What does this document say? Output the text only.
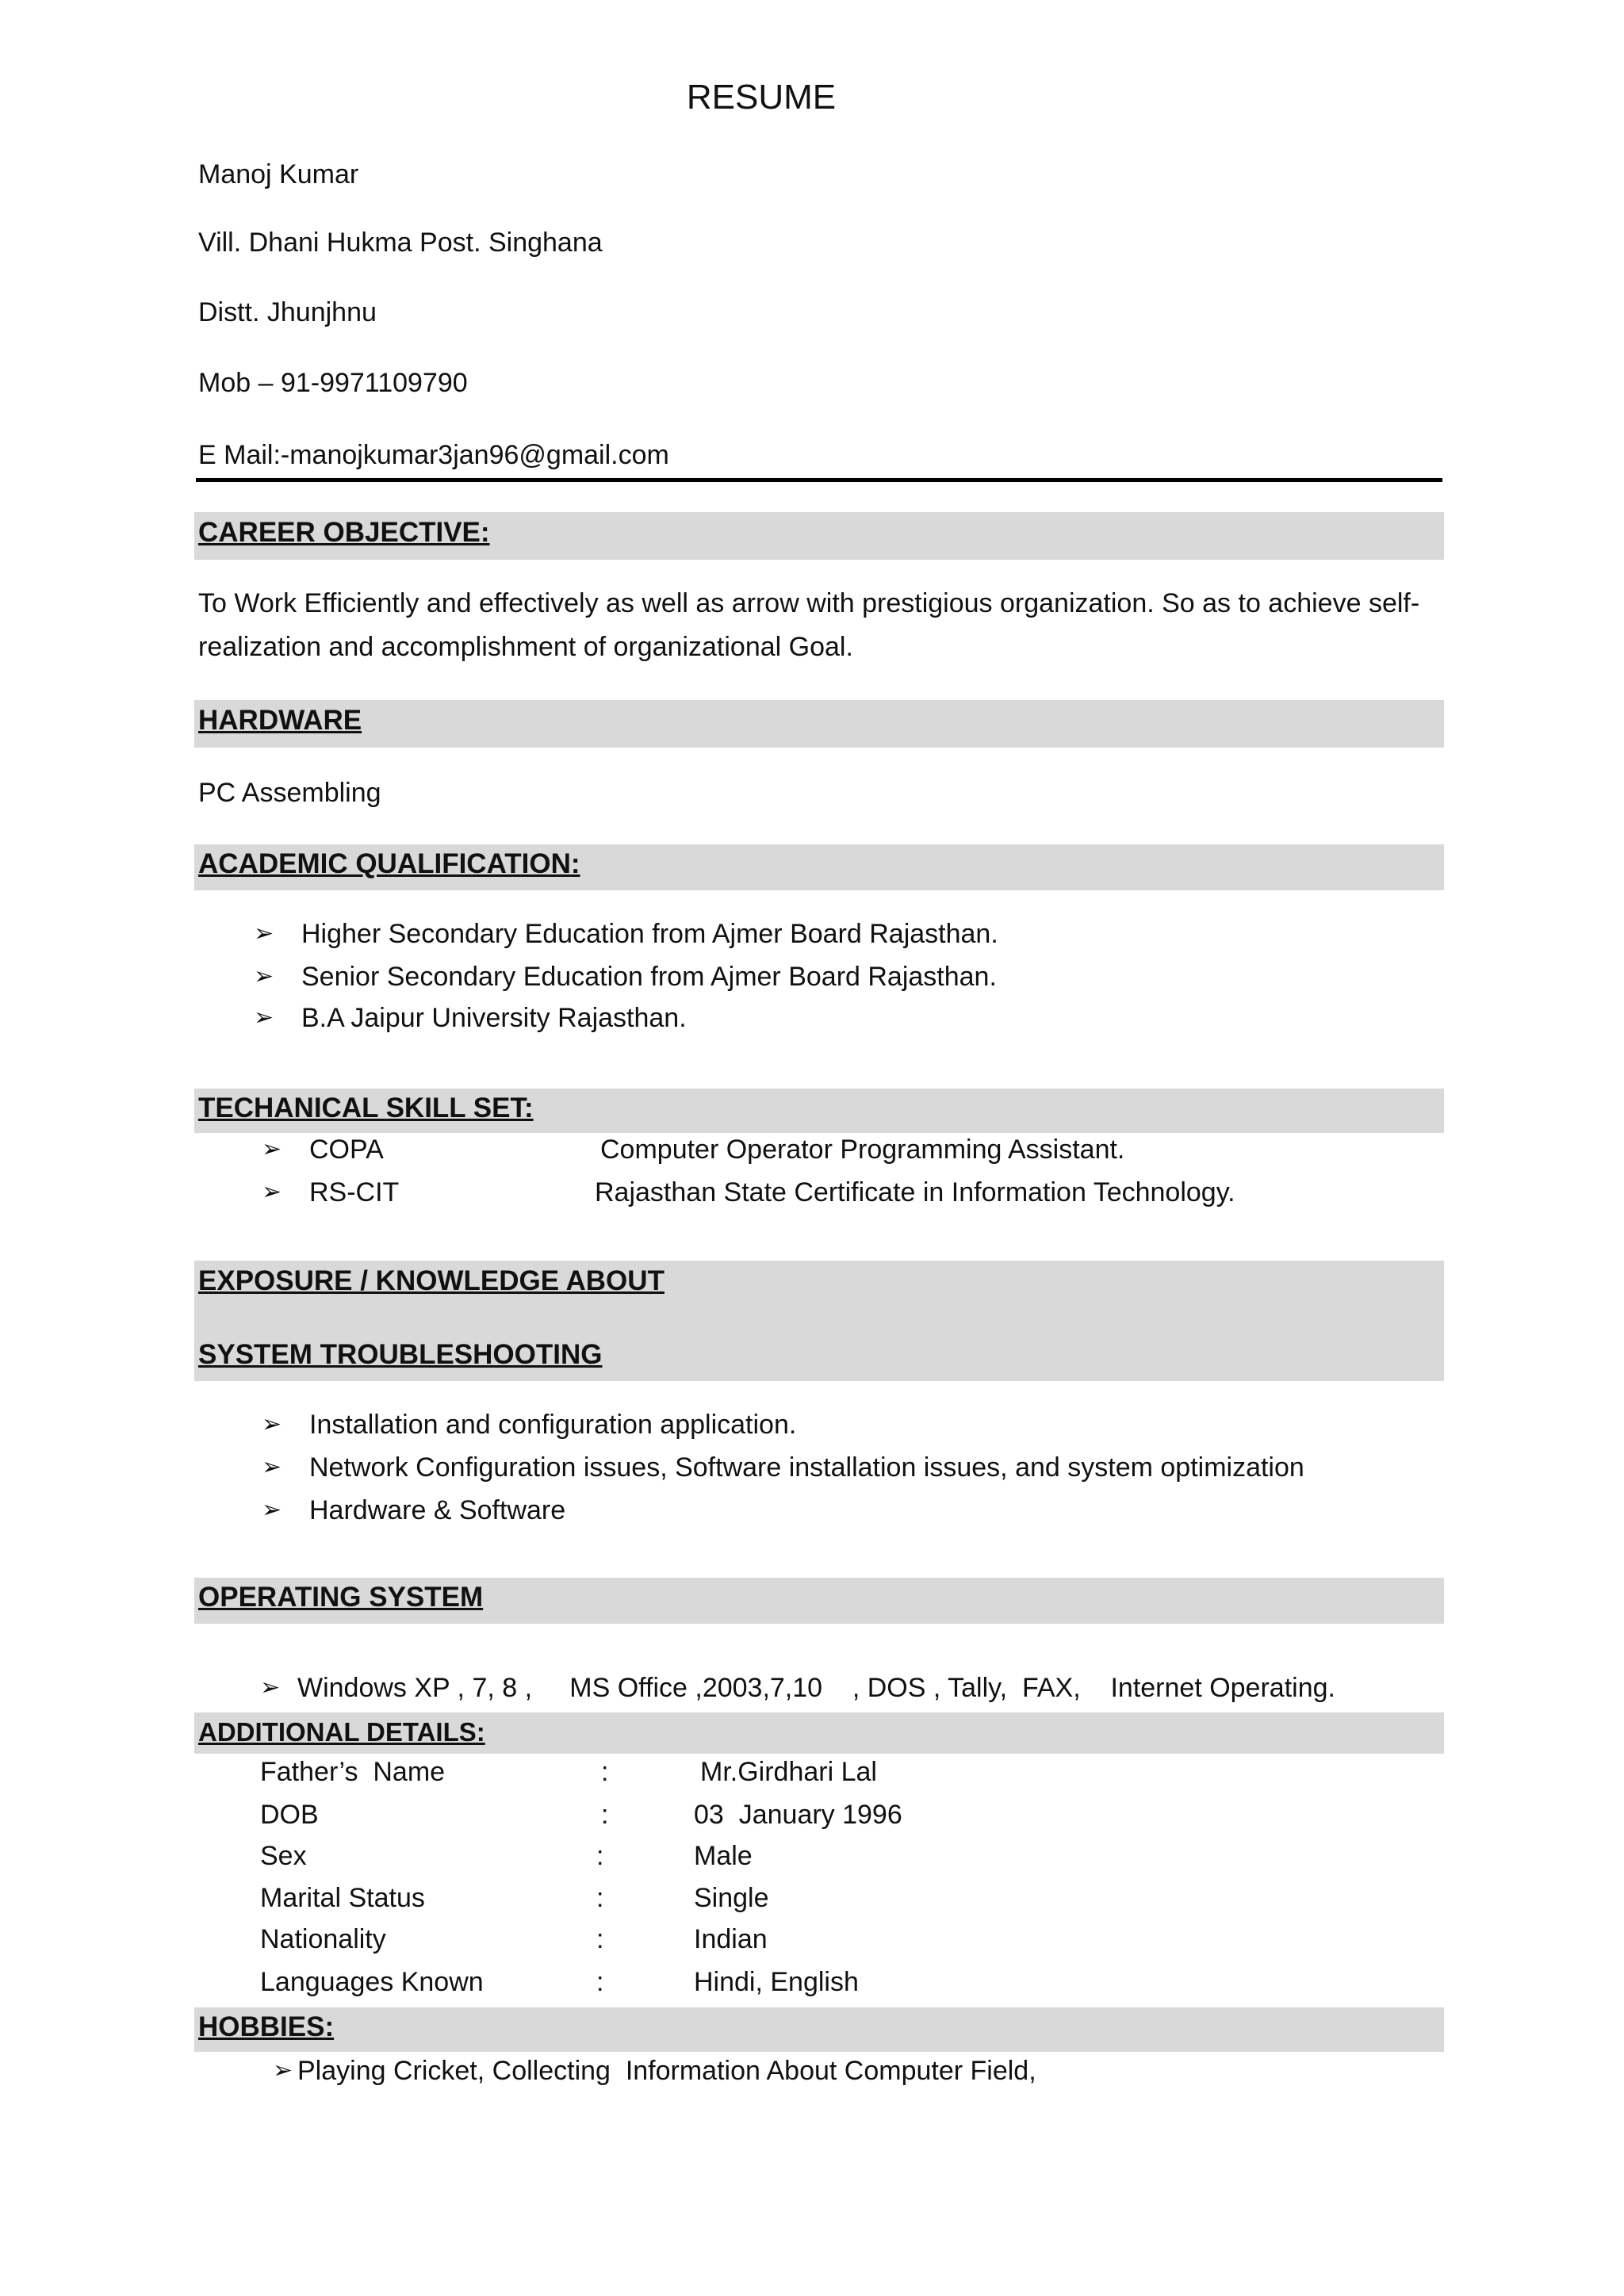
RESUME
Manoj Kumar
Vill. Dhani Hukma Post. Singhana
Distt. Jhunjhnu
Mob – 91-9971109790
E Mail:-manojkumar3jan96@gmail.com
CAREER OBJECTIVE:
To Work Efficiently and effectively as well as arrow with prestigious organization. So as to achieve self-realization and accomplishment of organizational Goal.
HARDWARE
PC Assembling
ACADEMIC QUALIFICATION:
➢ Higher Secondary Education from Ajmer Board Rajasthan.
➢ Senior Secondary Education from Ajmer Board Rajasthan.
➢ B.A Jaipur University Rajasthan.
TECHANICAL SKILL SET:
➢ COPA	Computer Operator Programming Assistant.
➢ RS-CIT	Rajasthan State Certificate in Information Technology.
EXPOSURE / KNOWLEDGE ABOUT
SYSTEM TROUBLESHOOTING
➢ Installation and configuration application.
➢ Network Configuration issues, Software installation issues, and system optimization
➢ Hardware & Software
OPERATING SYSTEM
➢ Windows XP , 7, 8 ,     MS Office ,2003,7,10    , DOS , Tally,  FAX,    Internet Operating.
ADDITIONAL DETAILS:
Father’s  Name	:	Mr.Girdhari Lal
DOB	:	03  January 1996
Sex	:	Male
Marital Status	:	Single
Nationality	:	Indian
Languages Known	:	Hindi, English
HOBBIES:
➢ Playing Cricket, Collecting  Information About Computer Field,
